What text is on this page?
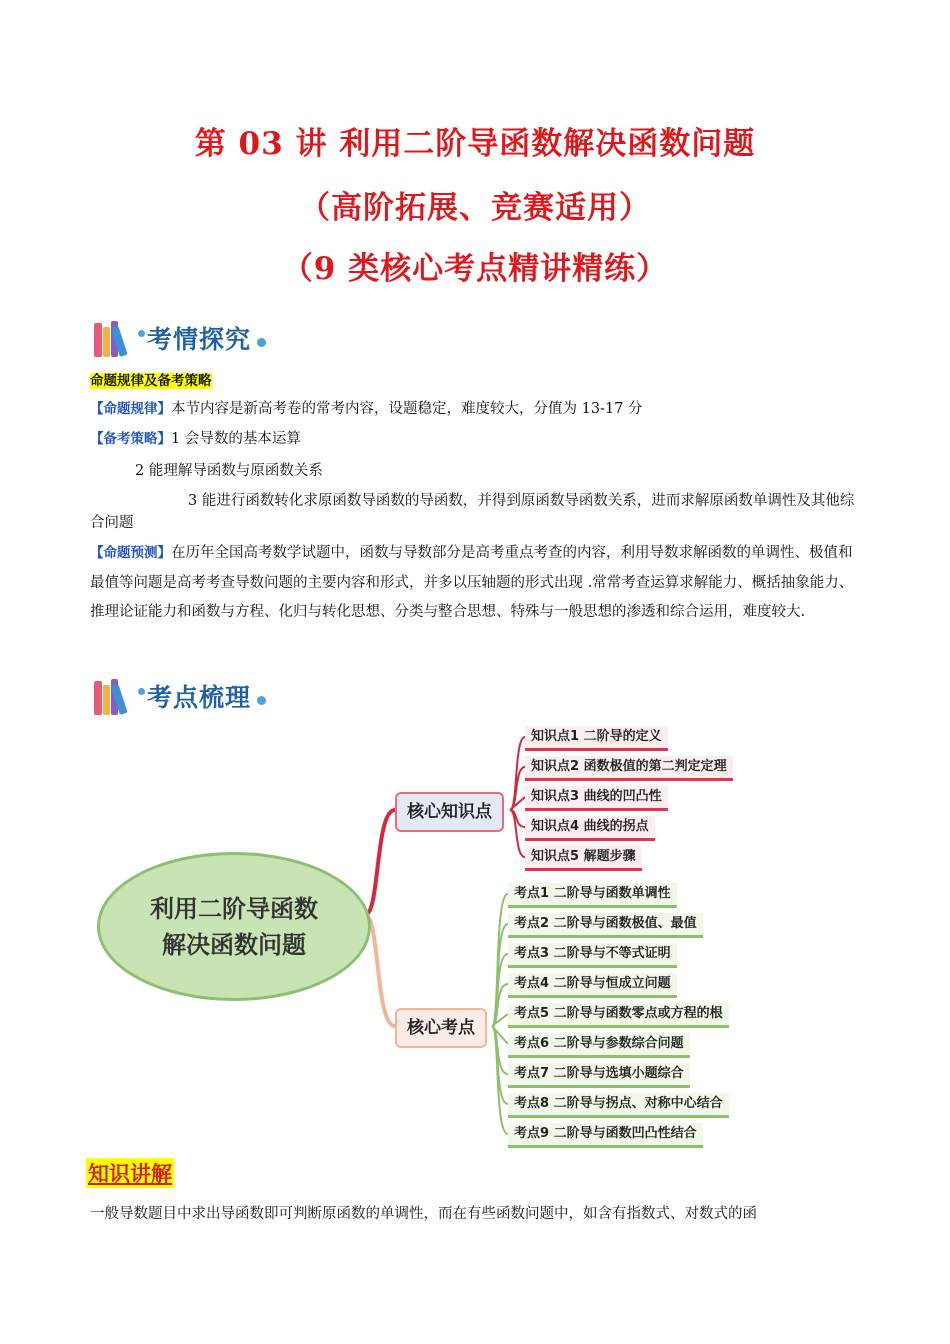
第 03 讲 利用二阶导函数解决函数问题
（高阶拓展、竞赛适用）
（9 类核心考点精讲精练）
考情探究
命题规律及备考策略
【命题规律】本节内容是新高考卷的常考内容，设题稳定，难度较大，分值为 13-17 分
【备考策略】1 会导数的基本运算
2 能理解导函数与原函数关系
3 能进行函数转化求原函数导函数的导函数，并得到原函数导函数关系，进而求解原函数单调性及其他综合问题
【命题预测】在历年全国高考数学试题中，函数与导数部分是高考重点考查的内容，利用导数求解函数的单调性、极值和最值等问题是高考考查导数问题的主要内容和形式，并多以压轴题的形式出现 .常常考查运算求解能力、概括抽象能力、推理论证能力和函数与方程、化归与转化思想、分类与整合思想、特殊与一般思想的渗透和综合运用，难度较大.
考点梳理
利用二阶导函数
解决函数问题
核心知识点
核心考点
知识点1 二阶导的定义
知识点2 函数极值的第二判定定理
知识点3 曲线的凹凸性
知识点4 曲线的拐点
知识点5 解题步骤
考点1 二阶导与函数单调性
考点2 二阶导与函数极值、最值
考点3 二阶导与不等式证明
考点4 二阶导与恒成立问题
考点5 二阶导与函数零点或方程的根
考点6 二阶导与参数综合问题
考点7 二阶导与选填小题综合
考点8 二阶导与拐点、对称中心结合
考点9 二阶导与函数凹凸性结合
知识讲解
一般导数题目中求出导函数即可判断原函数的单调性，而在有些函数问题中，如含有指数式、对数式的函
